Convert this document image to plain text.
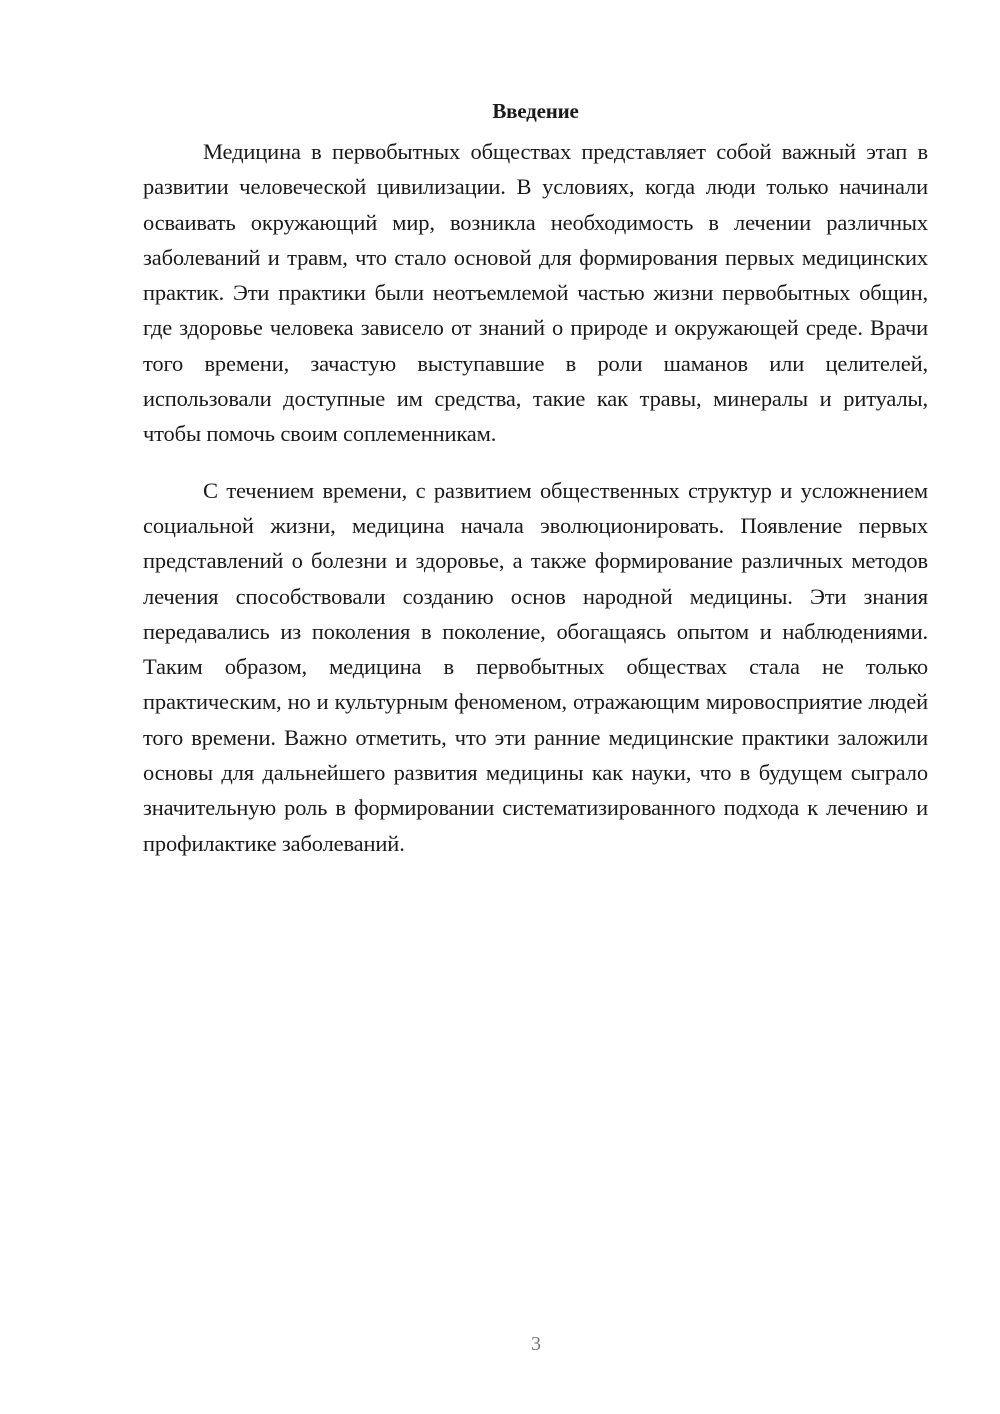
Введение

Медицина в первобытных обществах представляет собой важный этап в развитии человеческой цивилизации. В условиях, когда люди только начинали осваивать окружающий мир, возникла необходимость в лечении различных заболеваний и травм, что стало основой для формирования первых медицинских практик. Эти практики были неотъемлемой частью жизни первобытных общин, где здоровье человека зависело от знаний о природе и окружающей среде. Врачи того времени, зачастую выступавшие в роли шаманов или целителей, использовали доступные им средства, такие как травы, минералы и ритуалы, чтобы помочь своим соплеменникам.

С течением времени, с развитием общественных структур и усложнением социальной жизни, медицина начала эволюционировать. Появление первых представлений о болезни и здоровье, а также формирование различных методов лечения способствовали созданию основ народной медицины. Эти знания передавались из поколения в поколение, обогащаясь опытом и наблюдениями. Таким образом, медицина в первобытных обществах стала не только практическим, но и культурным феноменом, отражающим мировосприятие людей того времени. Важно отметить, что эти ранние медицинские практики заложили основы для дальнейшего развития медицины как науки, что в будущем сыграло значительную роль в формировании систематизированного подхода к лечению и профилактике заболеваний.

3
